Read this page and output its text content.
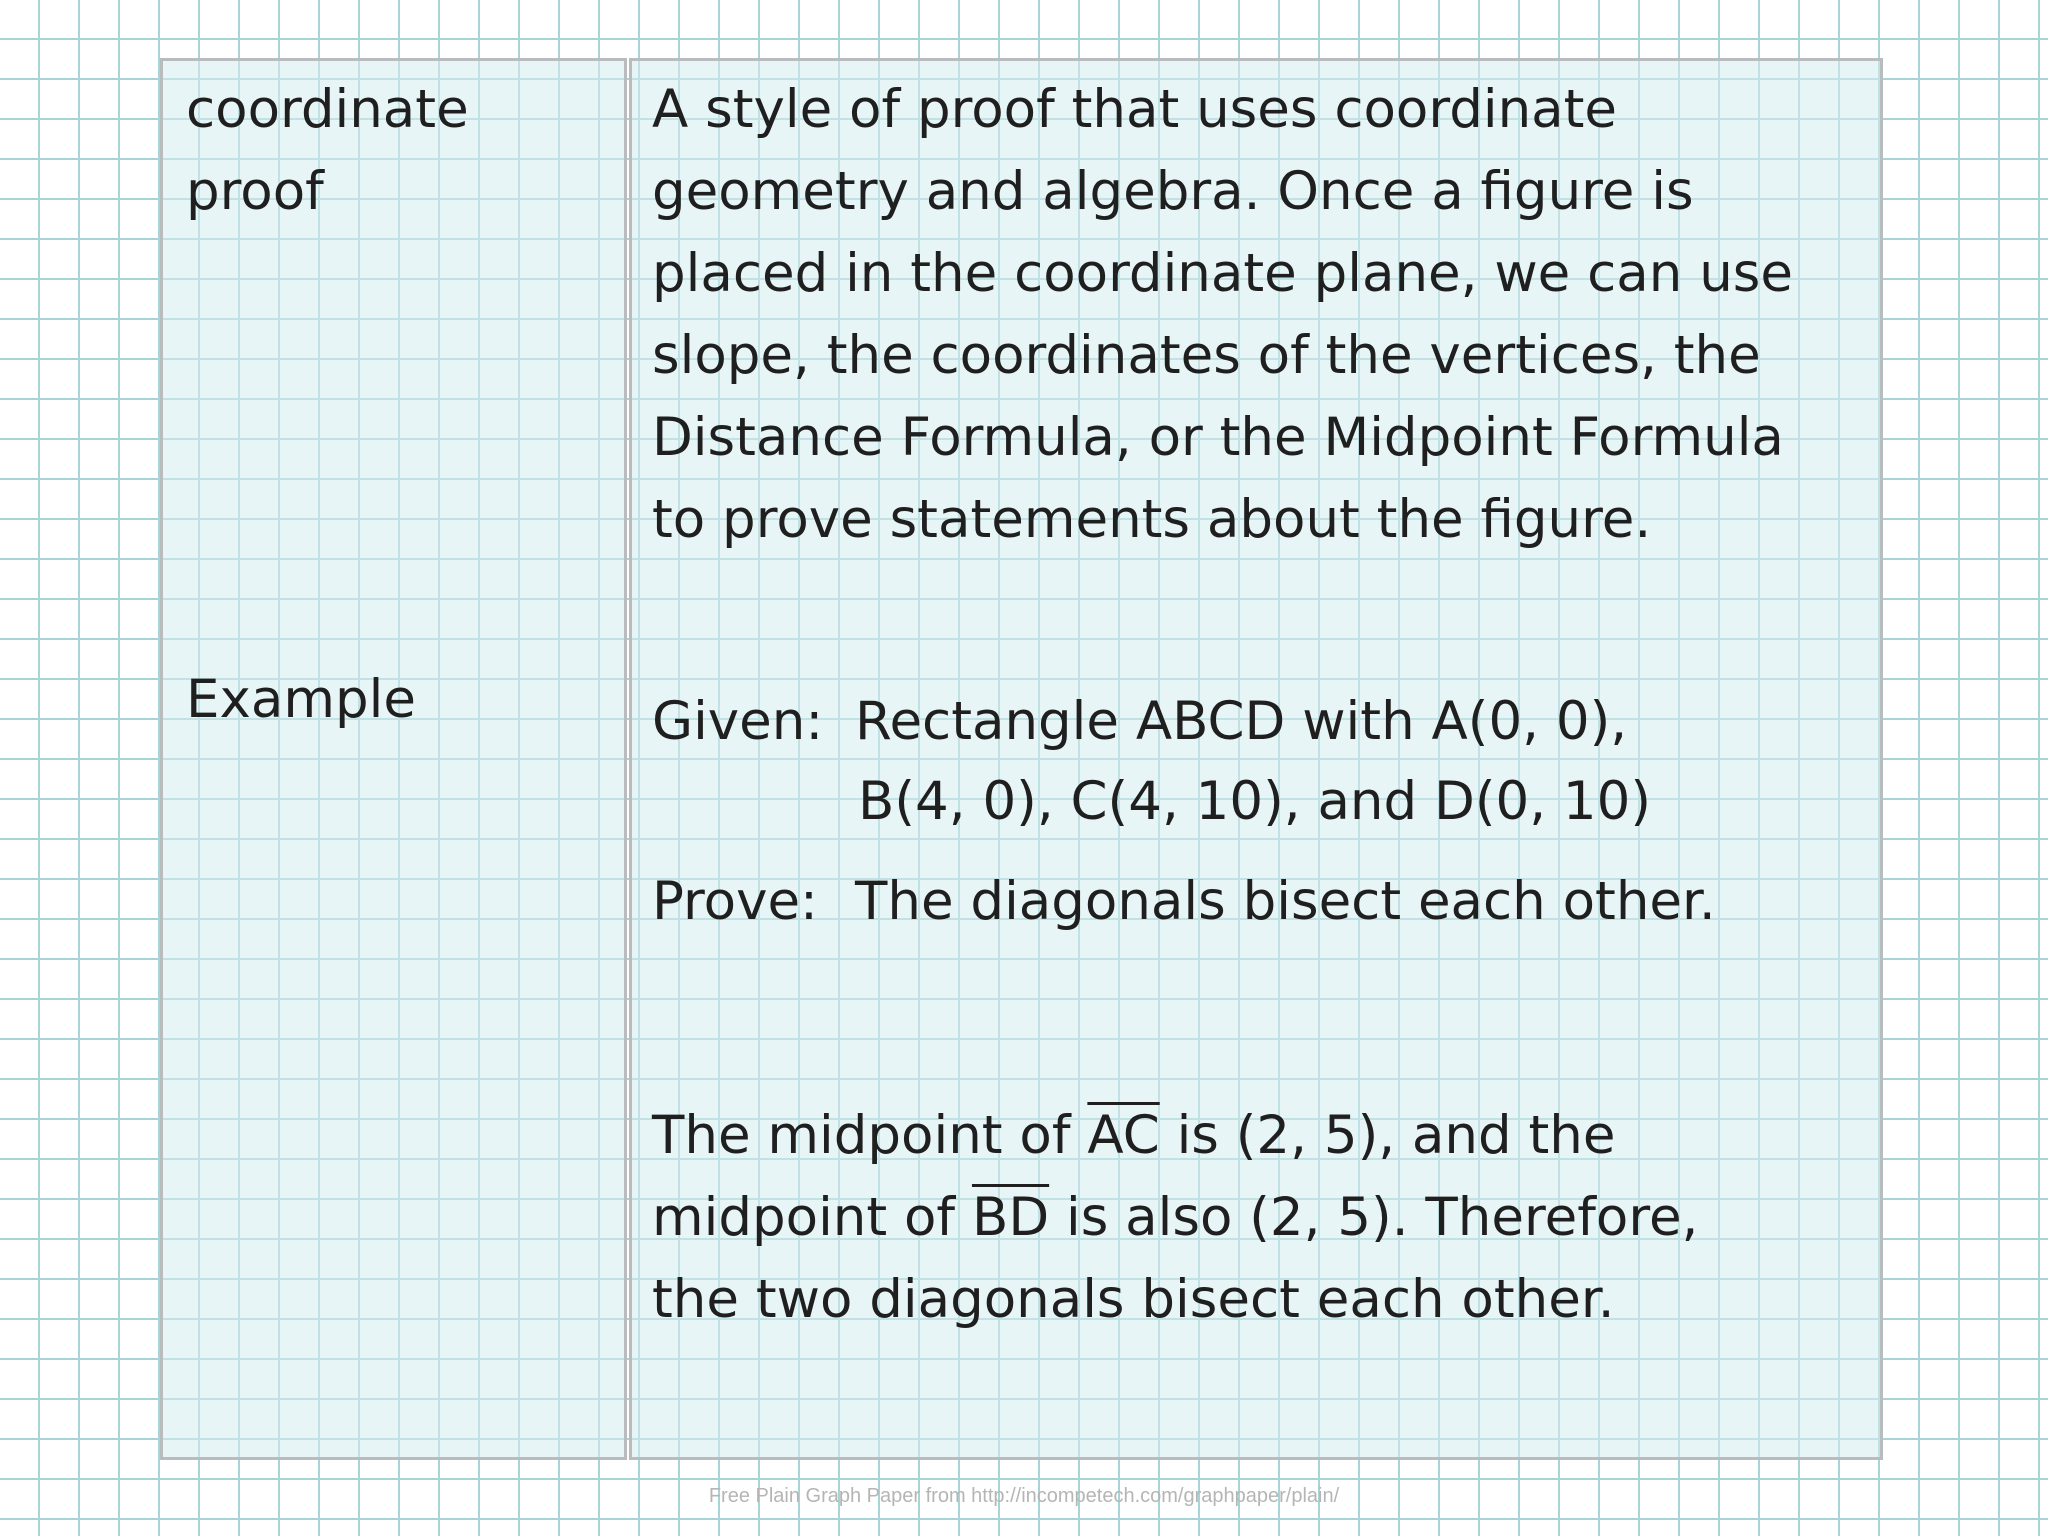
coordinate
proof

Example

A style of proof that uses coordinate
geometry and algebra. Once a figure is
placed in the coordinate plane, we can use
slope, the coordinates of the vertices, the
Distance Formula, or the Midpoint Formula
to prove statements about the figure.

Given: Rectangle ABCD with A(0, 0),

B(4, 0), C(4, 10), and D(0, 10)

Prove: The diagonals bisect each other.

The midpoint of $\overline{AC}$ is (2, 5), and the
midpoint of $\overline{BD}$ is also (2, 5). Therefore,
the two diagonals bisect each other.

Free Plain Graph Paper from http://incompetech.com/graphpaper/plain/
